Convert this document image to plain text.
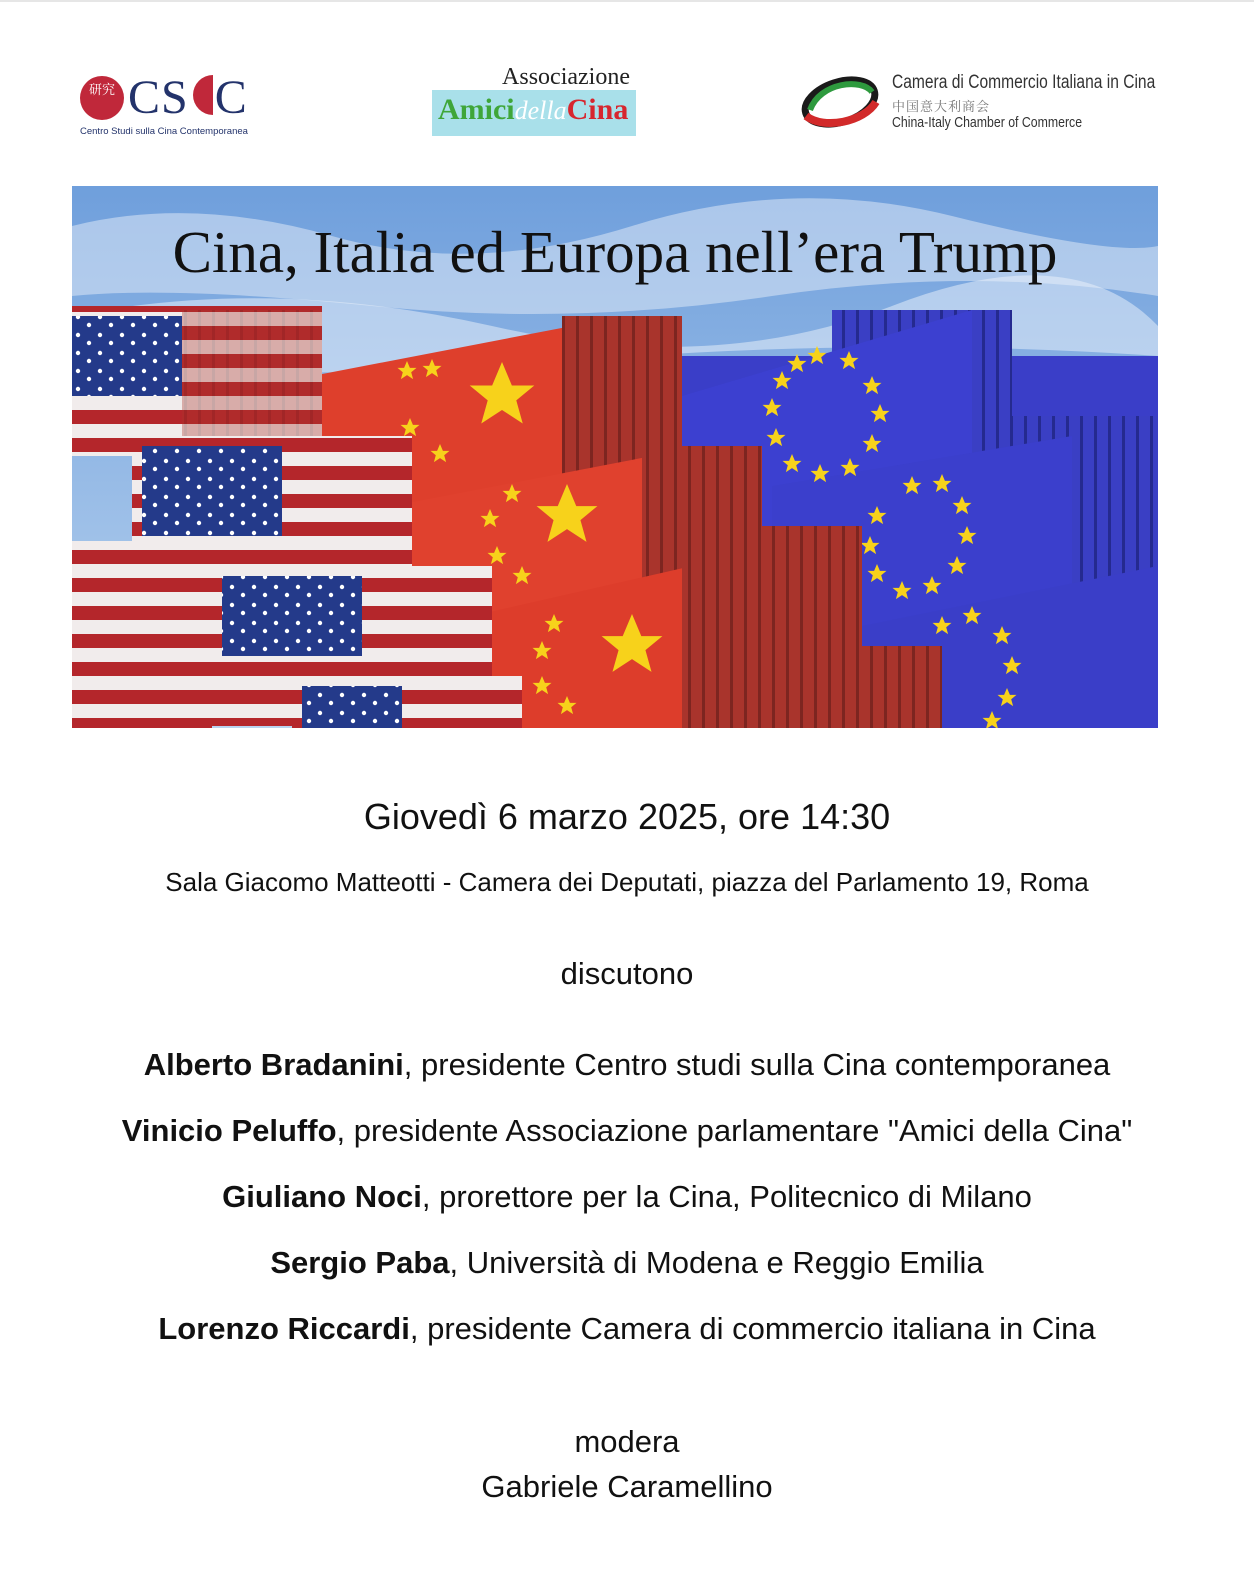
研究 CS C
Centro Studi sulla Cina Contemporanea
Associazione
AmicidellaCina
Camera di Commercio Italiana in Cina
中国意大利商会
China-Italy Chamber of Commerce
Cina, Italia ed Europa nell’era Trump
Giovedì 6 marzo 2025, ore 14:30
Sala Giacomo Matteotti - Camera dei Deputati, piazza del Parlamento 19, Roma
discutono
Alberto Bradanini, presidente Centro studi sulla Cina contemporanea
Vinicio Peluffo, presidente Associazione parlamentare "Amici della Cina"
Giuliano Noci, prorettore per la Cina, Politecnico di Milano
Sergio Paba, Università di Modena e Reggio Emilia
Lorenzo Riccardi, presidente Camera di commercio italiana in Cina
modera
Gabriele Caramellino
